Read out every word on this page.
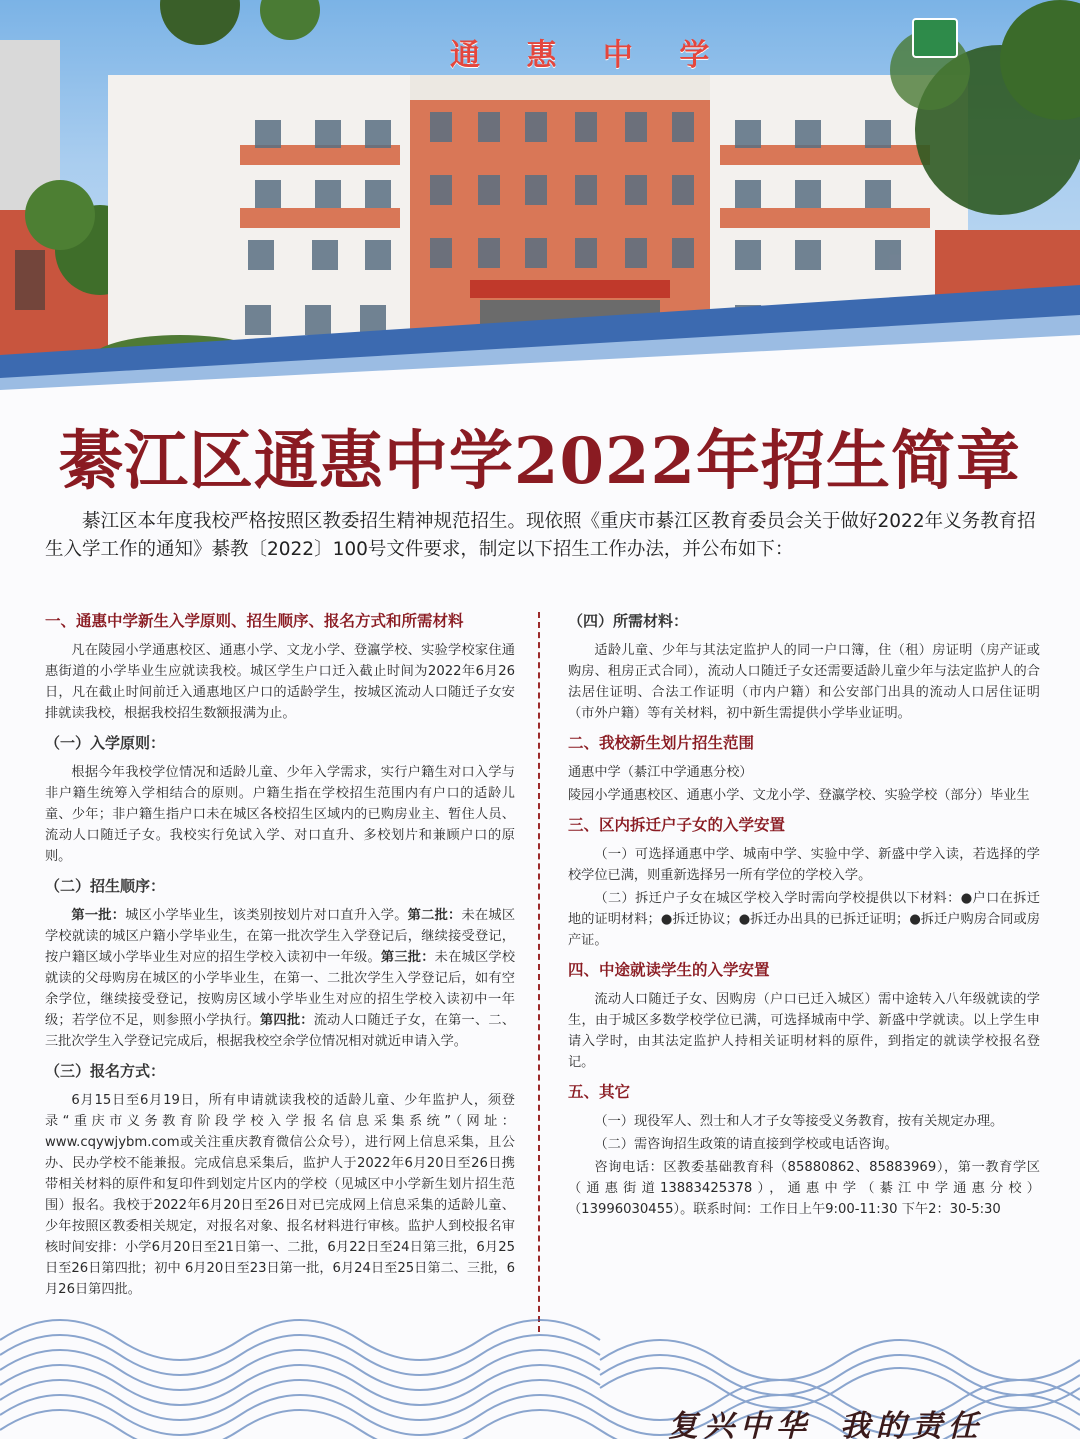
通 惠 中 学
綦江区通惠中学2022年招生简章
綦江区本年度我校严格按照区教委招生精神规范招生。现依照《重庆市綦江区教育委员会关于做好2022年义务教育招生入学工作的通知》綦教〔2022〕100号文件要求，制定以下招生工作办法，并公布如下：
一、通惠中学新生入学原则、招生顺序、报名方式和所需材料
凡在陵园小学通惠校区、通惠小学、文龙小学、登瀛学校、实验学校家住通惠街道的小学毕业生应就读我校。城区学生户口迁入截止时间为2022年6月26日，凡在截止时间前迁入通惠地区户口的适龄学生，按城区流动人口随迁子女安排就读我校，根据我校招生数额报满为止。
（一）入学原则：
根据今年我校学位情况和适龄儿童、少年入学需求，实行户籍生对口入学与非户籍生统筹入学相结合的原则。户籍生指在学校招生范围内有户口的适龄儿童、少年；非户籍生指户口未在城区各校招生区域内的已购房业主、暂住人员、流动人口随迁子女。我校实行免试入学、对口直升、多校划片和兼顾户口的原则。
（二）招生顺序：
第一批：城区小学毕业生，该类别按划片对口直升入学。第二批：未在城区学校就读的城区户籍小学毕业生，在第一批次学生入学登记后，继续接受登记，按户籍区域小学毕业生对应的招生学校入读初中一年级。第三批：未在城区学校就读的父母购房在城区的小学毕业生，在第一、二批次学生入学登记后，如有空余学位，继续接受登记，按购房区域小学毕业生对应的招生学校入读初中一年级；若学位不足，则参照小学执行。第四批：流动人口随迁子女，在第一、二、三批次学生入学登记完成后，根据我校空余学位情况相对就近申请入学。
（三）报名方式：
6月15日至6月19日，所有申请就读我校的适龄儿童、少年监护人，须登录“重庆市义务教育阶段学校入学报名信息采集系统”（网址：www.cqywjybm.com或关注重庆教育微信公众号），进行网上信息采集，且公办、民办学校不能兼报。完成信息采集后，监护人于2022年6月20日至26日携带相关材料的原件和复印件到划定片区内的学校（见城区中小学新生划片招生范围）报名。我校于2022年6月20日至26日对已完成网上信息采集的适龄儿童、少年按照区教委相关规定，对报名对象、报名材料进行审核。监护人到校报名审核时间安排：小学6月20日至21日第一、二批，6月22日至24日第三批，6月25日至26日第四批；初中 6月20日至23日第一批，6月24日至25日第二、三批，6月26日第四批。
（四）所需材料：
适龄儿童、少年与其法定监护人的同一户口簿，住（租）房证明（房产证或购房、租房正式合同），流动人口随迁子女还需要适龄儿童少年与法定监护人的合法居住证明、合法工作证明（市内户籍）和公安部门出具的流动人口居住证明（市外户籍）等有关材料，初中新生需提供小学毕业证明。
二、我校新生划片招生范围
通惠中学（綦江中学通惠分校）
陵园小学通惠校区、通惠小学、文龙小学、登瀛学校、实验学校（部分）毕业生
三、区内拆迁户子女的入学安置
（一）可选择通惠中学、城南中学、实验中学、新盛中学入读，若选择的学校学位已满，则重新选择另一所有学位的学校入学。
（二）拆迁户子女在城区学校入学时需向学校提供以下材料：●户口在拆迁地的证明材料；●拆迁协议；●拆迁办出具的已拆迁证明；●拆迁户购房合同或房产证。
四、中途就读学生的入学安置
流动人口随迁子女、因购房（户口已迁入城区）需中途转入八年级就读的学生，由于城区多数学校学位已满，可选择城南中学、新盛中学就读。以上学生申请入学时，由其法定监护人持相关证明材料的原件，到指定的就读学校报名登记。
五、其它
（一）现役军人、烈士和人才子女等接受义务教育，按有关规定办理。
（二）需咨询招生政策的请直接到学校或电话咨询。
咨询电话：区教委基础教育科（85880862、85883969），第一教育学区（通惠街道13883425378），通惠中学（綦江中学通惠分校）（13996030455）。联系时间：工作日上午9:00-11:30 下午2：30-5:30
复兴中华 我的责任
